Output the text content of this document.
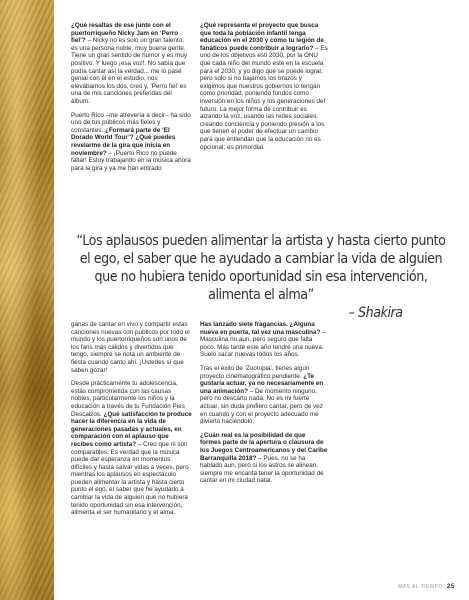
¿Qué resaltas de ese junte con el puertorriqueño Nicky Jam en ‘Perro fiel’? – Nicky no es solo un gran talento, es una persona noble, muy buena gente. Tiene un gran sentido de humor y es muy positivo. Y luego ¡esa voz!. No sabía que podía cantar así la verdad... me lo pasé genial con él en el estudio, nos elevábamos los dos, creo y, ‘Perro fiel’ es una de mis canciones preferidas del álbum.

Puerto Rico –me atrevería a decir– ha sido uno de tus públicos más fieles y constantes. ¿Formará parte de ‘El Dorado World Tour’? ¿Qué puedes revelarme de la gira que inicia en noviembre? – ¡Puerto Rico no puede faltar! Estoy trabajando en la música ahora para la gira y ya me han entrado

¿Qué representa el proyecto que busca que toda la población infantil tenga educación en el 2030 y cómo tu legión de fanáticos puede contribuir a lograrlo? – Es uno de los objetivos esti 2030, por la ONU que cada niño del mundo esté en la escuela para el 2030, y yo digo que se puede lograr, pero solo si no bajamos los brazos y exigimos que nuestros gobiernos lo tengan como prioridad, poniendo fondos como inversión en los niños y los generaciones del futuro. La mejor forma de contribuir es alzando la voz, usando las redes sociales, creando conciencia y poniendo presión a los que tienen el poder de efectuar un cambio para que entiendan que la educación no es opcional; es primordial.

“Los aplausos pueden alimentar la artista y hasta cierto punto el ego, el saber que he ayudado a cambiar la vida de alguien que no hubiera tenido oportunidad sin esa intervención, alimenta el alma”
– Shakira

ganas de cantar en vivo y compartir estas canciones nuevas con públicos por todo el mundo y los puertorriqueños son unos de los fans más cálidos y divertidos que tengo, siempre se nota un ambiente de fiesta cuando canto ahí. ¡Ustedes sí que saben gozar!

Desde prácticamente tu adolescencia, estás comprometida con las causas nobles, particularmente los niños y la educación a través de tu Fundación Pies Descalzos. ¿Qué satisfacción te produce hacer la diferencia en la vida de generaciones pasadas y actuales, en comparación con el aplauso que recibes como artista? – Creo que ni son comparables. Es verdad que la música puede dar esperanza en momentos difíciles y hasta salvar vidas a veces, pero mientras los aplausos en espectáculo pueden alimentar la artista y hasta cierto punto el ego, el saber que he ayudado a cambiar la vida de alguien que no hubiera tenido oportunidad sin esa intervención, alimenta el ser humanitario y el alma.

Has lanzado siete fragancias. ¿Alguna nueva en puerta, tal vez una masculina? – Masculina no aun, pero seguro que falta poco. Más tarde este año tendré una nueva. Suelo sacar nuevas todos los años.

Tras el éxito de ‘Zootopia’, tienes algún proyecto cinematográfico pendiente. ¿Te gustaría actuar, ya no necesariamente en una animación? – De momento ninguno, pero no descarto nada. No es mi fuerte actuar, sin duda prefiero cantar, pero de vez en cuando y con el proyecto adecuado me divierto haciéndolo.

¿Cuán real es la posibilidad de que formes parte de la apertura o clausura de los Juegos Centroamericanos y del Caribe Barranquilla 2018? – Pues, no se ha hablado aun, pero si los astros se alinean, siempre me encanta tener la oportunidad de cantar en mi ciudad natal.

MAS AL TIEMPO 25
